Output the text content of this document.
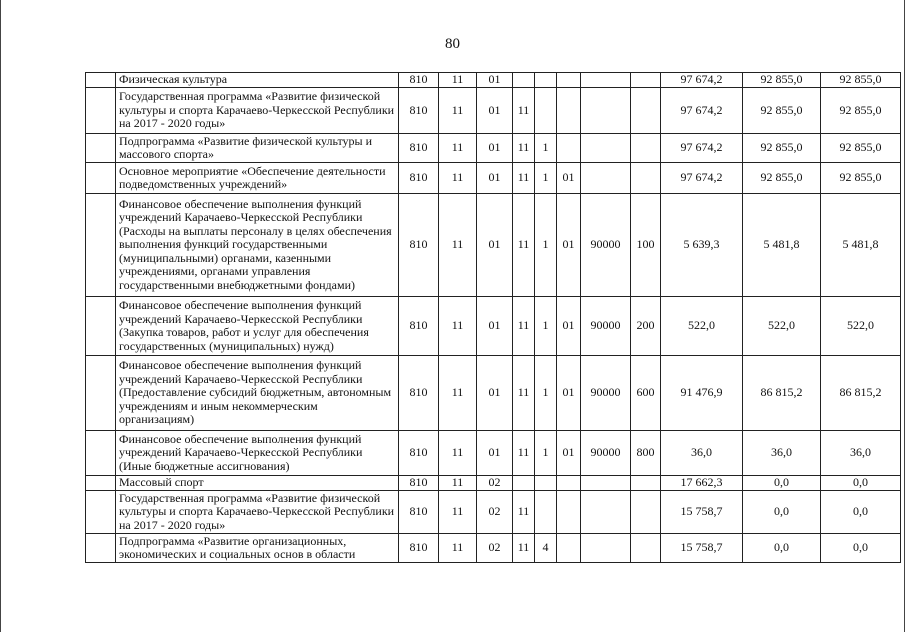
80
	Физическая культура	810	11	01						97 674,2	92 855,0	92 855,0
	Государственная программа «Развитие физической культуры и спорта Карачаево-Черкесской Республики на 2017 - 2020 годы»	810	11	01	11					97 674,2	92 855,0	92 855,0
	Подпрограмма «Развитие физической культуры и массового спорта»	810	11	01	11	1				97 674,2	92 855,0	92 855,0
	Основное мероприятие «Обеспечение деятельности подведомственных учреждений»	810	11	01	11	1	01			97 674,2	92 855,0	92 855,0
	Финансовое обеспечение выполнения функций учреждений Карачаево-Черкесской Республики (Расходы на выплаты персоналу в целях обеспечения выполнения функций государственными (муниципальными) органами, казенными учреждениями, органами управления государственными внебюджетными фондами)	810	11	01	11	1	01	90000	100	5 639,3	5 481,8	5 481,8
	Финансовое обеспечение выполнения функций учреждений Карачаево-Черкесской Республики (Закупка товаров, работ и услуг для обеспечения государственных (муниципальных) нужд)	810	11	01	11	1	01	90000	200	522,0	522,0	522,0
	Финансовое обеспечение выполнения функций учреждений Карачаево-Черкесской Республики (Предоставление субсидий бюджетным, автономным учреждениям и иным некоммерческим организациям)	810	11	01	11	1	01	90000	600	91 476,9	86 815,2	86 815,2
	Финансовое обеспечение выполнения функций учреждений Карачаево-Черкесской Республики (Иные бюджетные ассигнования)	810	11	01	11	1	01	90000	800	36,0	36,0	36,0
	Массовый спорт	810	11	02						17 662,3	0,0	0,0
	Государственная программа «Развитие физической культуры и спорта Карачаево-Черкесской Республики на 2017 - 2020 годы»	810	11	02	11					15 758,7	0,0	0,0
	Подпрограмма «Развитие организационных, экономических и социальных основ в области	810	11	02	11	4				15 758,7	0,0	0,0
